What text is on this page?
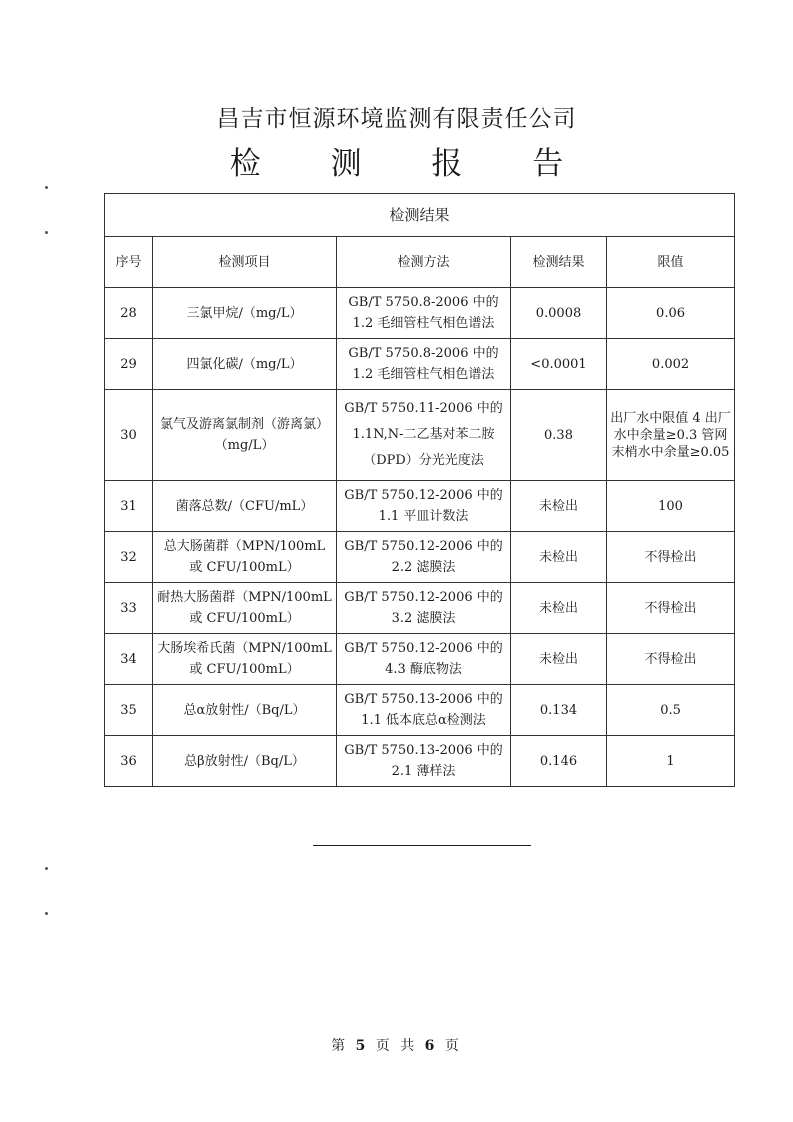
昌吉市恒源环境监测有限责任公司
检 测 报 告
检测结果				
序号	检测项目	检测方法	检测结果	限值
28	三氯甲烷/（mg/L）	GB/T 5750.8-2006 中的 1.2 毛细管柱气相色谱法	0.0008	0.06
29	四氯化碳/（mg/L）	GB/T 5750.8-2006 中的 1.2 毛细管柱气相色谱法	<0.0001	0.002
30	氯气及游离氯制剂（游离氯）（mg/L）	GB/T 5750.11-2006 中的 1.1N,N-二乙基对苯二胺（DPD）分光光度法	0.38	出厂水中限值 4 出厂水中余量≥0.3 管网末梢水中余量≥0.05
31	菌落总数/（CFU/mL）	GB/T 5750.12-2006 中的 1.1 平皿计数法	未检出	100
32	总大肠菌群（MPN/100mL 或 CFU/100mL）	GB/T 5750.12-2006 中的 2.2 滤膜法	未检出	不得检出
33	耐热大肠菌群（MPN/100mL 或 CFU/100mL）	GB/T 5750.12-2006 中的 3.2 滤膜法	未检出	不得检出
34	大肠埃希氏菌（MPN/100mL 或 CFU/100mL）	GB/T 5750.12-2006 中的 4.3 酶底物法	未检出	不得检出
35	总α放射性/（Bq/L）	GB/T 5750.13-2006 中的 1.1 低本底总α检测法	0.134	0.5
36	总β放射性/（Bq/L）	GB/T 5750.13-2006 中的 2.1 薄样法	0.146	1
第 5 页 共 6 页
